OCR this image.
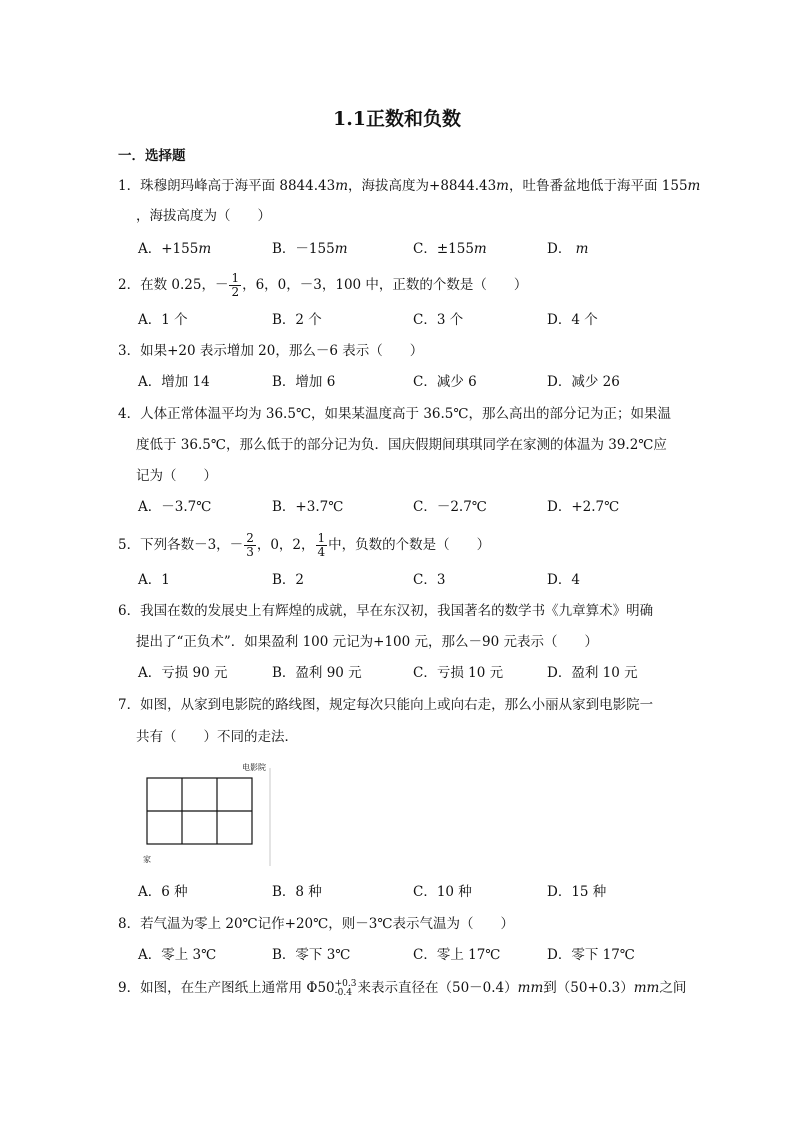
1.1正数和负数
一．选择题
1．珠穆朗玛峰高于海平面 8844.43m，海拔高度为+8844.43m，吐鲁番盆地低于海平面 155m
，海拔高度为（　　）
A．+155m	B．－155m	C．±155m	D． m
2．在数 0.25，－ $\frac{1}{2}$ ，6，0，－3，100 中，正数的个数是（　　）
A．1 个	B．2 个	C．3 个	D．4 个
3．如果+20 表示增加 20，那么－6 表示（　　）
A．增加 14	B．增加 6	C．减少 6	D．减少 26
4．人体正常体温平均为 36.5℃，如果某温度高于 36.5℃，那么高出的部分记为正；如果温
度低于 36.5℃，那么低于的部分记为负．国庆假期间琪琪同学在家测的体温为 39.2℃应
记为（　　）
A．－3.7℃	B．+3.7℃	C．－2.7℃	D．+2.7℃
5．下列各数－3，－ $\frac{2}{3}$ ，0，2， $\frac{1}{4}$ 中，负数的个数是（　　）
A．1	B．2	C．3	D．4
6．我国在数的发展史上有辉煌的成就，早在东汉初，我国著名的数学书《九章算术》明确
提出了“正负术”．如果盈利 100 元记为+100 元，那么－90 元表示（　　）
A．亏损 90 元	B．盈利 90 元	C．亏损 10 元	D．盈利 10 元
7．如图，从家到电影院的路线图，规定每次只能向上或向右走，那么小丽从家到电影院一
共有（　　）不同的走法．
电影院
家
A．6 种	B．8 种	C．10 种	D．15 种
8．若气温为零上 20℃记作+20℃，则－3℃表示气温为（　　）
A．零上 3℃	B．零下 3℃	C．零上 17℃	D．零下 17℃
9．如图，在生产图纸上通常用 Φ50 +0.3
-0.4 来表示直径在（50－0.4）mm到（50+0.3）mm之间
